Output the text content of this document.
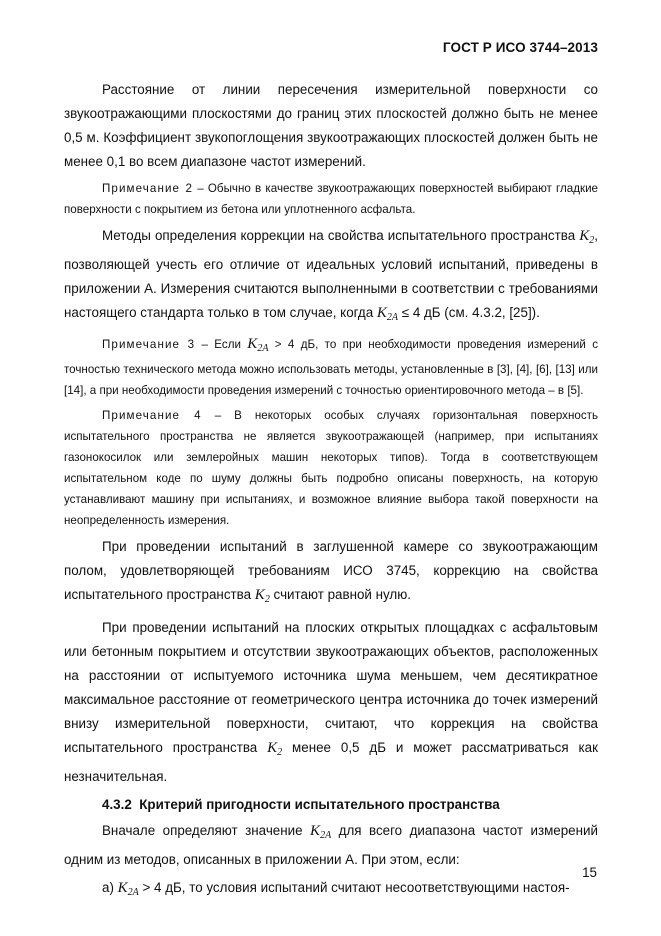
ГОСТ Р ИСО 3744–2013

Расстояние от линии пересечения измерительной поверхности со звукоотражающими плоскостями до границ этих плоскостей должно быть не менее 0,5 м. Коэффициент звукопоглощения звукоотражающих плоскостей должен быть не менее 0,1 во всем диапазоне частот измерений.

Примечание 2 – Обычно в качестве звукоотражающих поверхностей выбирают гладкие поверхности с покрытием из бетона или уплотненного асфальта.

Методы определения коррекции на свойства испытательного пространства $K_2$, позволяющей учесть его отличие от идеальных условий испытаний, приведены в приложении А. Измерения считаются выполненными в соответствии с требованиями настоящего стандарта только в том случае, когда $K_{2A} \le 4$ дБ (см. 4.3.2, [25]).

Примечание 3 – Если $K_{2A} > 4$ дБ, то при необходимости проведения измерений с точностью технического метода можно использовать методы, установленные в [3], [4], [6], [13] или [14], а при необходимости проведения измерений с точностью ориентировочного метода – в [5].

Примечание 4 – В некоторых особых случаях горизонтальная поверхность испытательного пространства не является звукоотражающей (например, при испытаниях газонокосилок или землеройных машин некоторых типов). Тогда в соответствующем испытательном коде по шуму должны быть подробно описаны поверхность, на которую устанавливают машину при испытаниях, и возможное влияние выбора такой поверхности на неопределенность измерения.

При проведении испытаний в заглушенной камере со звукоотражающим полом, удовлетворяющей требованиям ИСО 3745, коррекцию на свойства испытательного пространства $K_2$ считают равной нулю.

При проведении испытаний на плоских открытых площадках с асфальтовым или бетонным покрытием и отсутствии звукоотражающих объектов, расположенных на расстоянии от испытуемого источника шума меньшем, чем десятикратное максимальное расстояние от геометрического центра источника до точек измерений внизу измерительной поверхности, считают, что коррекция на свойства испытательного пространства $K_2$ менее 0,5 дБ и может рассматриваться как незначительная.

4.3.2 Критерий пригодности испытательного пространства

Вначале определяют значение $K_{2A}$ для всего диапазона частот измерений одним из методов, описанных в приложении А. При этом, если:

а) $K_{2A} > 4$ дБ, то условия испытаний считают несоответствующими настоя-

15
